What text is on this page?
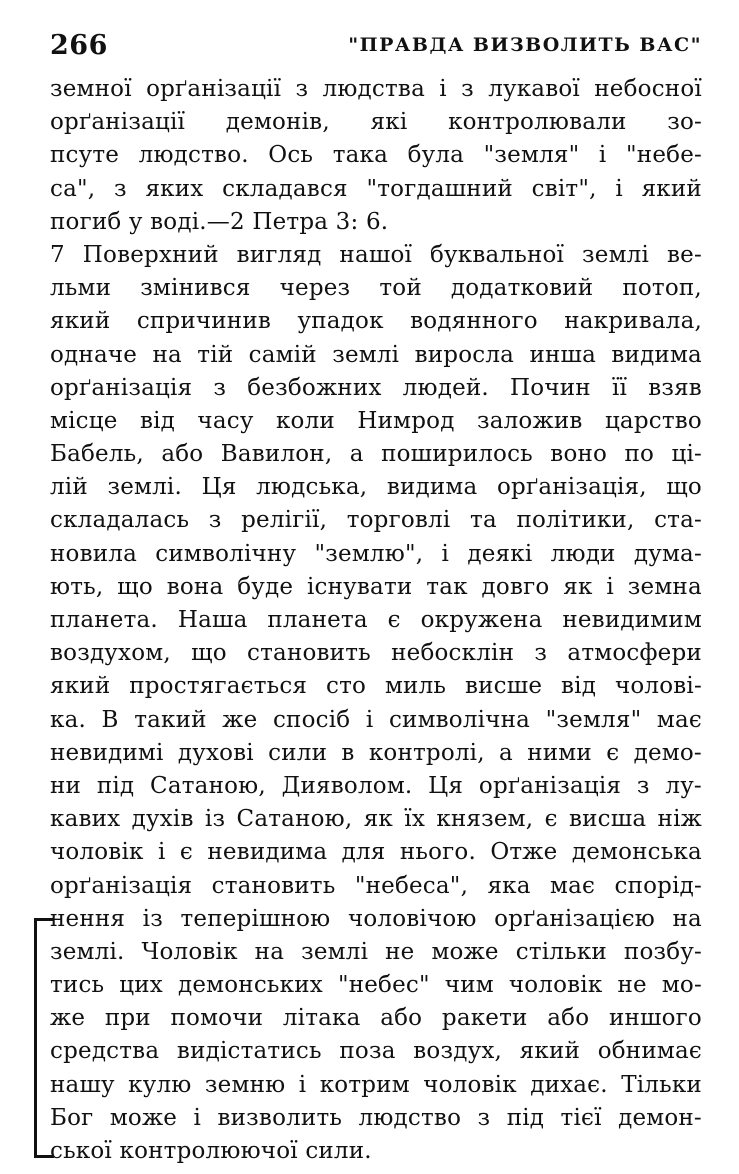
266	"ПРАВДА ВИЗВОЛИТЬ ВАС"
земної орґанізації з людства і з лукавої небосної
орґанізації демонів, які контролювали зо-
псуте людство. Ось така була "земля" і "небе-
са", з яких складався "тогдашний світ", і який
погиб у воді.—2 Петра 3: 6.
7 Поверхний вигляд нашої буквальної землі ве-
льми змінився через той додатковий потоп,
який спричинив упадок водянного накривала,
одначе на тій самій землі виросла инша видима
орґанізація з безбожних людей. Почин її взяв
місце від часу коли Нимрод заложив царство
Бабель, або Вавилон, а поширилось воно по ці-
лій землі. Ця людська, видима орґанізація, що
складалась з релігії, торговлі та політики, ста-
новила символічну "землю", і деякі люди дума-
ють, що вона буде існувати так довго як і земна
планета. Наша планета є окружена невидимим
воздухом, що становить небосклін з атмосфери
який простягається сто миль висше від чолові-
ка. В такий же спосіб і символічна "земля" має
невидимі духові сили в контролі, а ними є демо-
ни під Сатаною, Дияволом. Ця орґанізація з лу-
кавих духів із Сатаною, як їх князем, є висша ніж
чоловік і є невидима для нього. Отже демонська
орґанізація становить "небеса", яка має спорід-
нення із теперішною чоловічою орґанізацією на
землі. Чоловік на землі не може стільки позбу-
тись цих демонських "небес" чим чоловік не мо-
же при помочи літака або ракети або иншого
средства видістатись поза воздух, який обнимає
нашу кулю земню і котрим чоловік дихає. Тільки
Бог може і визволить людство з під тієї демон-
ської контролюючої сили.
